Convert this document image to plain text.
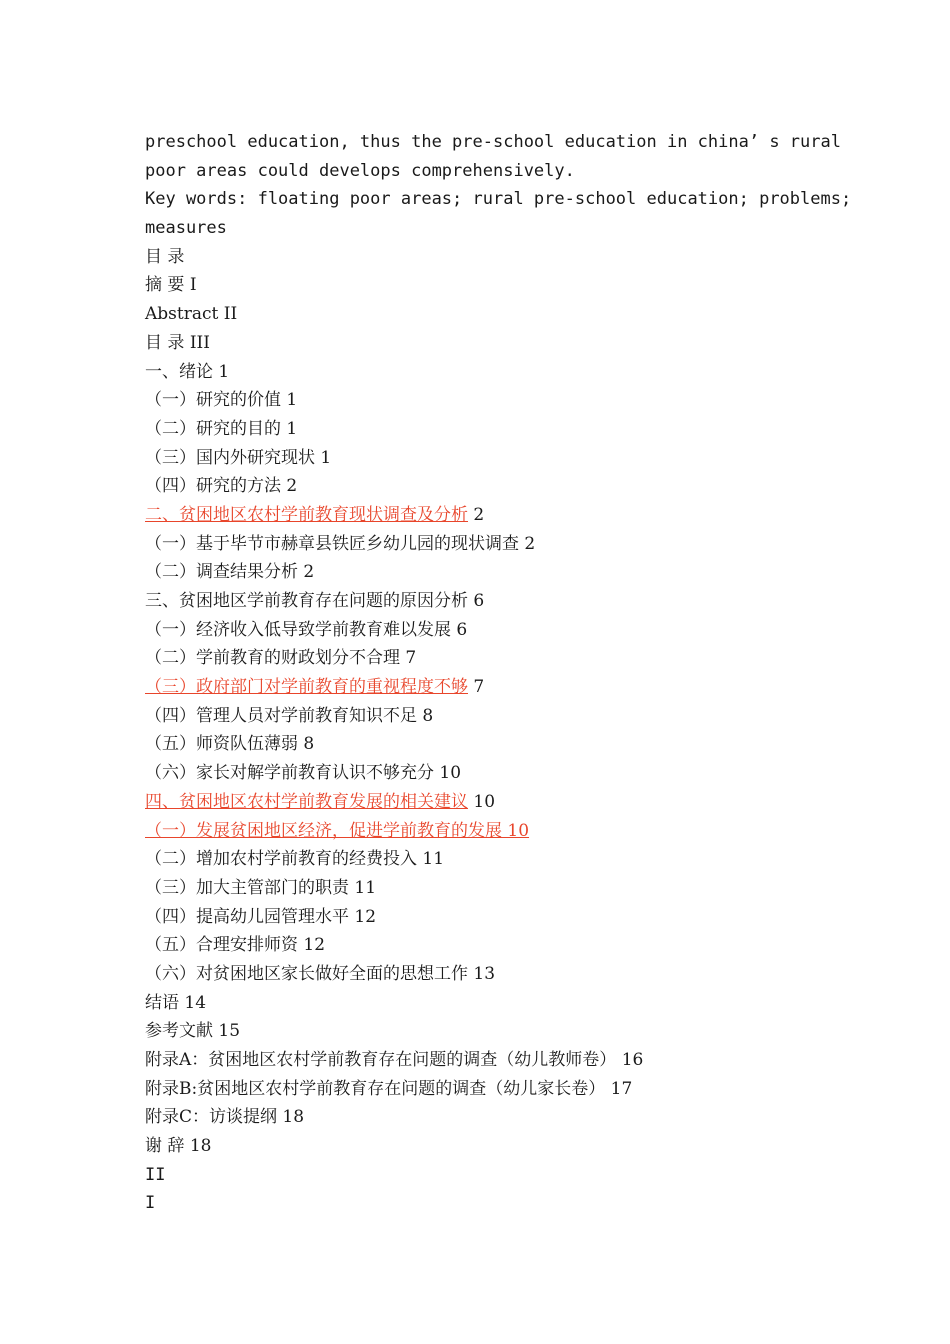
preschool education, thus the pre-school education in china’ s rural
poor areas could develops comprehensively.
Key words: floating poor areas; rural pre-school education; problems;
measures
目 录
摘 要 I
Abstract II
目 录 III
一、绪论 1
（一）研究的价值 1
（二）研究的目的 1
（三）国内外研究现状 1
（四）研究的方法 2
二、贫困地区农村学前教育现状调查及分析 2
（一）基于毕节市赫章县铁匠乡幼儿园的现状调查 2
（二）调查结果分析 2
三、贫困地区学前教育存在问题的原因分析 6
（一）经济收入低导致学前教育难以发展 6
（二）学前教育的财政划分不合理 7
（三）政府部门对学前教育的重视程度不够 7
（四）管理人员对学前教育知识不足 8
（五）师资队伍薄弱 8
（六）家长对解学前教育认识不够充分 10
四、贫困地区农村学前教育发展的相关建议 10
（一）发展贫困地区经济，促进学前教育的发展 10
（二）增加农村学前教育的经费投入 11
（三）加大主管部门的职责 11
（四）提高幼儿园管理水平 12
（五）合理安排师资 12
（六）对贫困地区家长做好全面的思想工作 13
结语 14
参考文献 15
附录A：贫困地区农村学前教育存在问题的调查（幼儿教师卷） 16
附录B:贫困地区农村学前教育存在问题的调查（幼儿家长卷） 17
附录C：访谈提纲 18
谢 辞 18
II
I
